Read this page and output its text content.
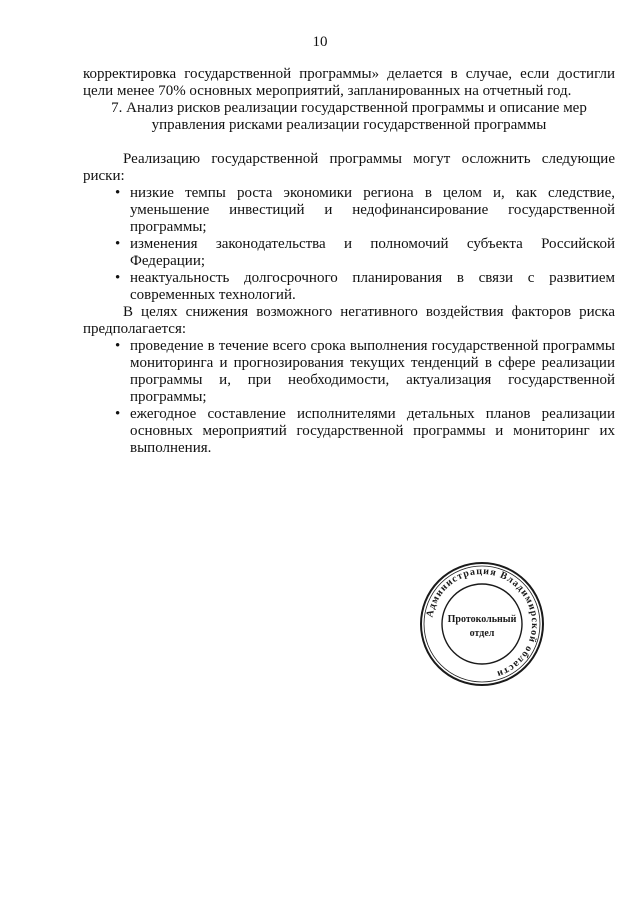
10

корректировка государственной программы» делается в случае, если достигли цели менее 70% основных мероприятий, запланированных на отчетный год.

7. Анализ рисков реализации государственной программы и описание мер управления рисками реализации государственной программы

Реализацию государственной программы могут осложнить следующие риски:

• низкие темпы роста экономики региона в целом и, как следствие, уменьшение инвестиций и недофинансирование государственной программы;
• изменения законодательства и полномочий субъекта Российской Федерации;
• неактуальность долгосрочного планирования в связи с развитием современных технологий.

В целях снижения возможного негативного воздействия факторов риска предполагается:

• проведение в течение всего срока выполнения государственной программы мониторинга и прогнозирования текущих тенденций в сфере реализации программы и, при необходимости, актуализация государственной программы;
• ежегодное составление исполнителями детальных планов реализации основных мероприятий государственной программы и мониторинг их выполнения.
Администрация Владимирской области
Протокольный
отдел
